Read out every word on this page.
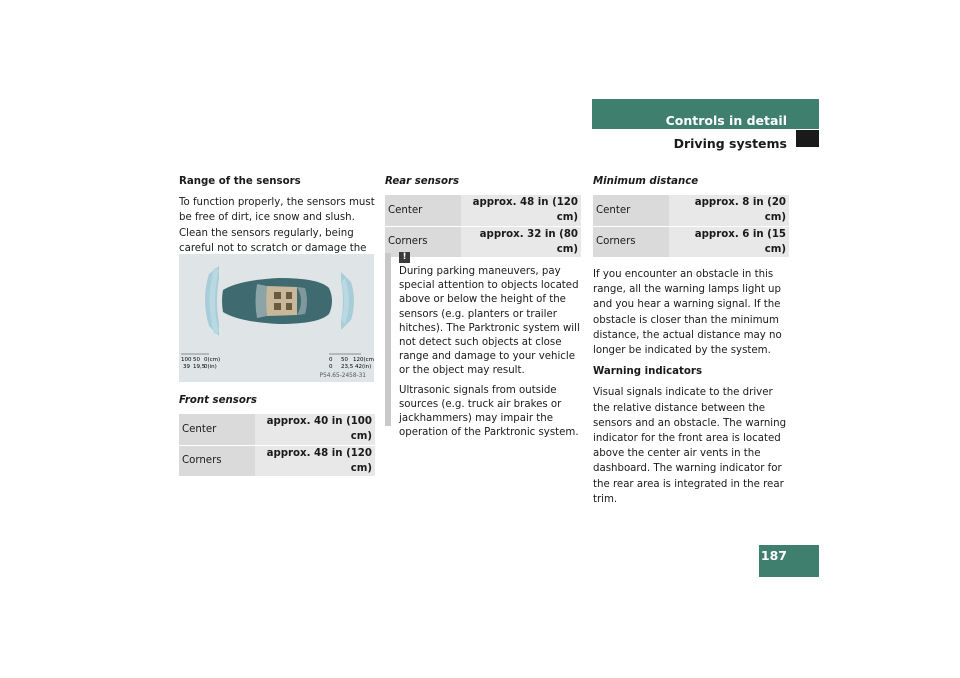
Controls in detail
Driving systems

Range of the sensors

To function properly, the sensors must be free of dirt, ice snow and slush. Clean the sensors regularly, being careful not to scratch or damage the

100 50 0(cm)
39 19,5
0(in)
0 50 120(cm)
0 23,5 42(in)
P54.65-2458-31

Front sensors

Center	approx. 40 in (100 cm)
Corners	approx. 48 in (120 cm)

Rear sensors

Center	approx. 48 in (120 cm)
Corners	approx. 32 in (80 cm)
!

During parking maneuvers, pay special attention to objects located above or below the height of the sensors (e.g. planters or trailer hitches). The Parktronic system will not detect such objects at close range and damage to your vehicle or the object may result.

Ultrasonic signals from outside sources (e.g. truck air brakes or jackhammers) may impair the operation of the Parktronic system.

Minimum distance

Center	approx. 8 in (20 cm)
Corners	approx. 6 in (15 cm)

If you encounter an obstacle in this range, all the warning lamps light up and you hear a warning signal. If the obstacle is closer than the minimum distance, the actual distance may no longer be indicated by the system.

Warning indicators

Visual signals indicate to the driver the relative distance between the sensors and an obstacle. The warning indicator for the front area is located above the center air vents in the dashboard. The warning indicator for the rear area is integrated in the rear trim.

187
